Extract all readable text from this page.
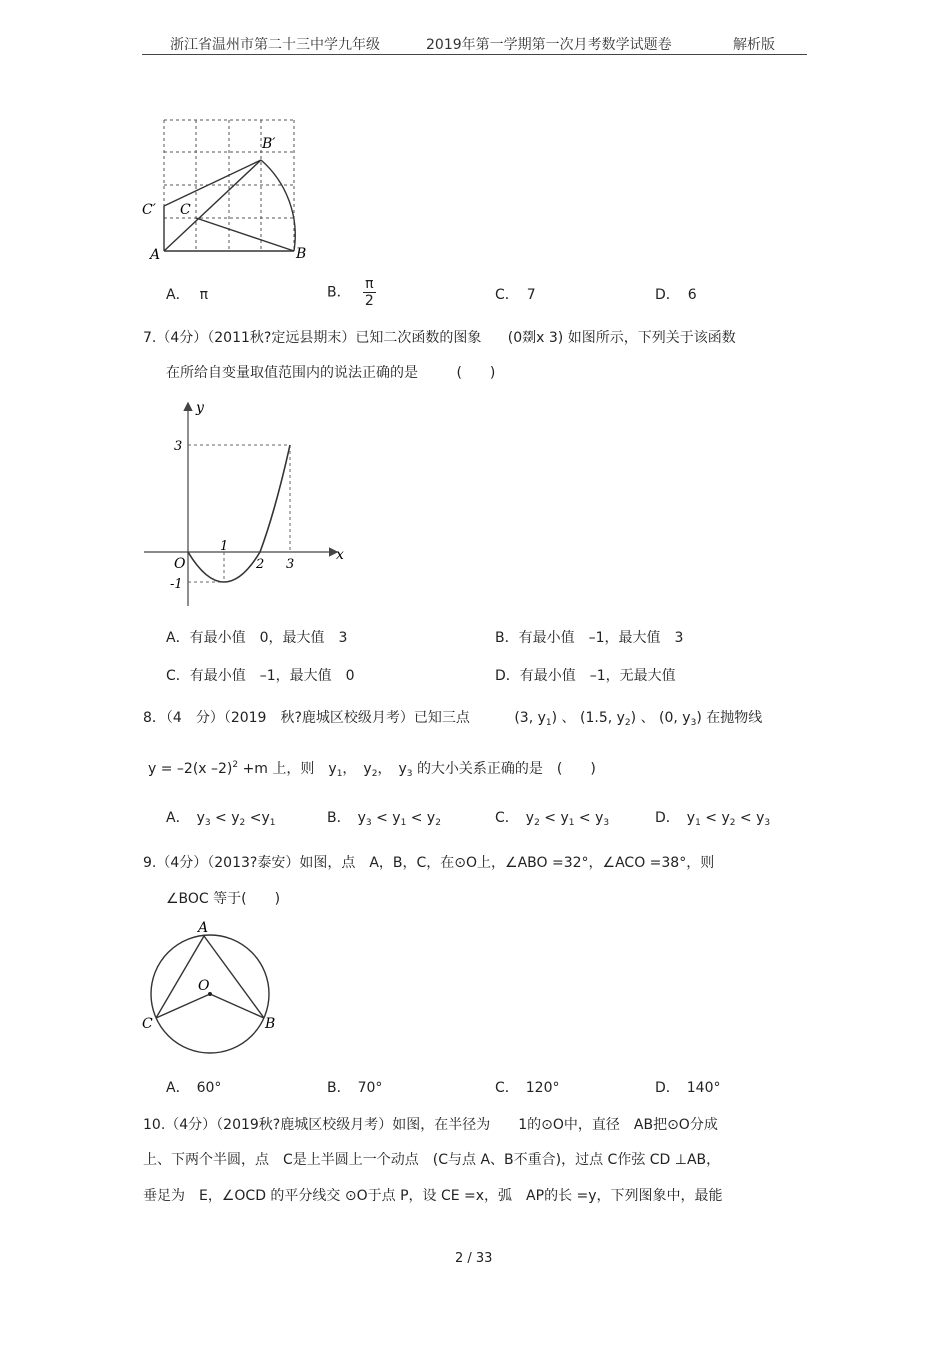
浙江省温州市第二十三中学九年级	2019年第一学期第一次月考数学试题卷	解析版
A	B
C
B′
C′
A． π	B． $\frac{\pi}{2}$	C． 7	D． 6
7.（4分）（2011秋?定远县期末）已知二次函数的图象 (0剟x 3) 如图所示，下列关于该函数
在所给自变量取值范围内的说法正确的是	(　　)
y
x
O
3
-1
1
2 3
A．有最小值　0，最大值　3	B．有最小值　–1，最大值　3
C．有最小值　–1，最大值　0	D．有最小值　–1，无最大值
8．（4　分）（2019　秋?鹿城区校级月考）已知三点	(3, $y_1$) 、 (1.5, $y_2$) 、 (0, $y_3$) 在抛物线
y = –2(x –2)$^2$ +m 上，则　$y_1$，　$y_2$，　$y_3$ 的大小关系正确的是　(　　)
A．　$y_3 < y_2 <y_1$	B．　$y_3 < y_1 < y_2$	C．　$y_2 < y_1 < y_3$	D．　$y_1 < y_2 < y_3$
9.（4分）（2013?泰安）如图，点　A，B，C，在⊙O上，∠ABO =32°，∠ACO =38°，则
∠BOC 等于(　　)
A
B
C
O
A．　60°	B．　70°	C．　120°	D．　140°
10.（4分）（2019秋?鹿城区校级月考）如图，在半径为　　1的⊙O中，直径　AB把⊙O分成
上、下两个半圆，点　C是上半圆上一个动点　(C与点 A、B不重合)，过点 C作弦 CD ⊥AB，
垂足为　E，∠OCD 的平分线交 ⊙O于点 P，设 CE =x，弧　AP的长 =y，下列图象中，最能
2 / 33
